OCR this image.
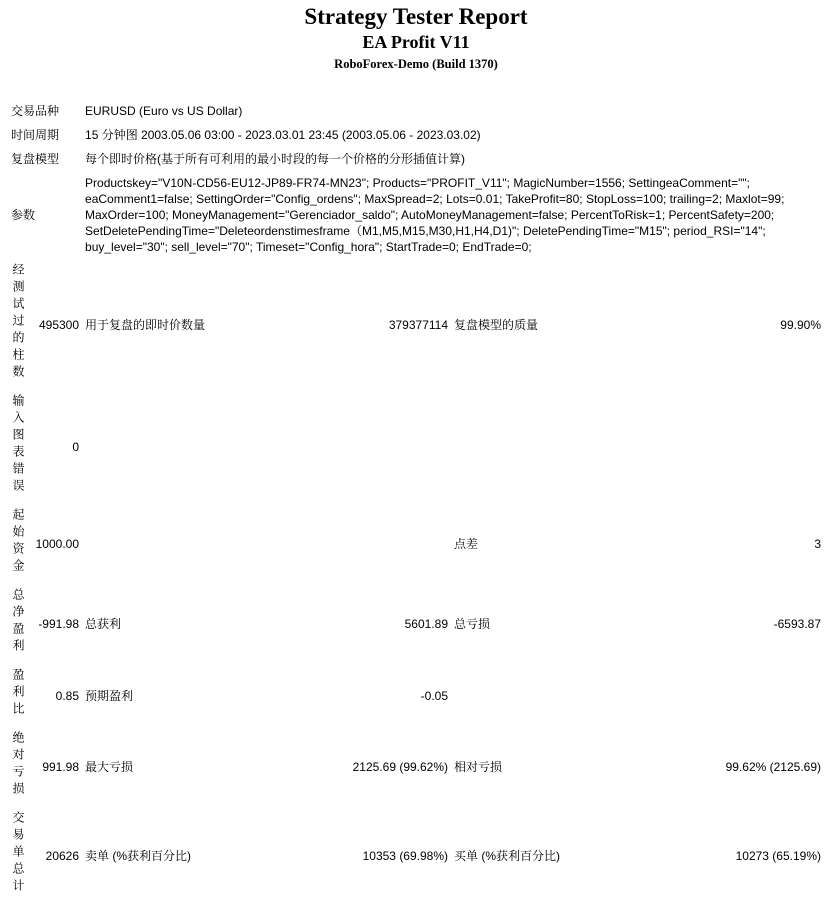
Strategy Tester Report
EA Profit V11
RoboForex-Demo (Build 1370)
交易品种		EURUSD (Euro vs US Dollar)			
时间周期		15 分钟图 2003.05.06 03:00 - 2023.03.01 23:45 (2003.05.06 - 2023.03.02)			
复盘模型		每个即时价格(基于所有可利用的最小时段的每一个价格的分形插值计算)			
参数		Productskey="V10N-CD56-EU12-JP89-FR74-MN23"; Products="PROFIT_V11"; MagicNumber=1556; SettingeaComment=""; eaComment1=false; SettingOrder="Config_ordens"; MaxSpread=2; Lots=0.01; TakeProfit=80; StopLoss=100; trailing=2; Maxlot=99; MaxOrder=100; MoneyManagement="Gerenciador_saldo"; AutoMoneyManagement=false; PercentToRisk=1; PercentSafety=200; SetDeletePendingTime="Deleteordenstimesframe（M1,M5,M15,M30,H1,H4,D1)"; DeletePendingTime="M15"; period_RSI="14"; buy_level="30"; sell_level="70"; Timeset="Config_hora"; StartTrade=0; EndTrade=0;			
经测试过的柱数	495300	用于复盘的即时价数量	379377114	复盘模型的质量	99.90%
输入图表错误	0				
起始资金	1000.00			点差	3
总净盈利	-991.98	总获利	5601.89	总亏损	-6593.87
盈利比	0.85	预期盈利	-0.05		
绝对亏损	991.98	最大亏损	2125.69 (99.62%)	相对亏损	99.62% (2125.69)
交易单总计	20626	卖单 (%获利百分比)	10353 (69.98%)	买单 (%获利百分比)	10273 (65.19%)
